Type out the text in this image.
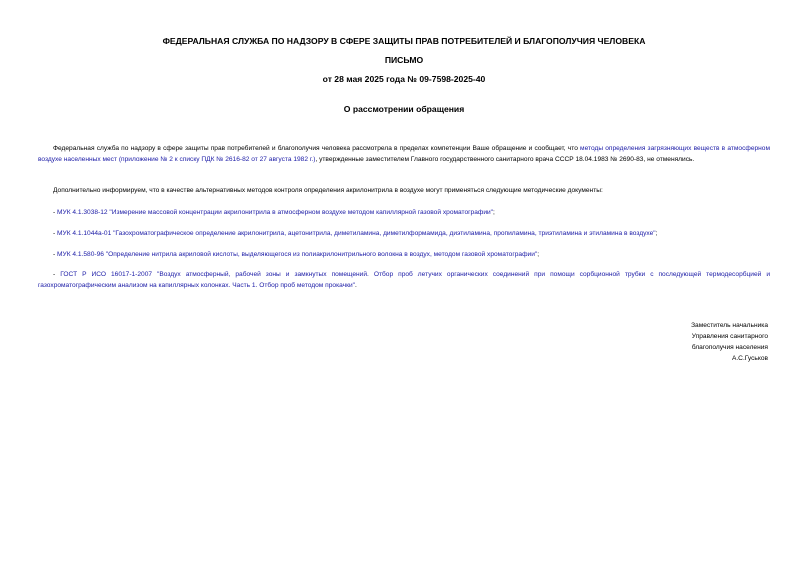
ФЕДЕРАЛЬНАЯ СЛУЖБА ПО НАДЗОРУ В СФЕРЕ ЗАЩИТЫ ПРАВ ПОТРЕБИТЕЛЕЙ И БЛАГОПОЛУЧИЯ ЧЕЛОВЕКА
ПИСЬМО
от 28 мая 2025 года № 09-7598-2025-40
О рассмотрении обращения
Федеральная служба по надзору в сфере защиты прав потребителей и благополучия человека рассмотрела в пределах компетенции Ваше обращение и сообщает, что методы определения загрязняющих веществ в атмосферном воздухе населенных мест (приложение № 2 к списку ПДК № 2616-82 от 27 августа 1982 г.), утвержденные заместителем Главного государственного санитарного врача СССР 18.04.1983 № 2690-83, не отменялись.
Дополнительно информируем, что в качестве альтернативных методов контроля определения акрилонитрила в воздухе могут применяться следующие методические документы:
- МУК 4.1.3038-12 "Измерение массовой концентрации акрилонитрила в атмосферном воздухе методом капиллярной газовой хроматографии";
- МУК 4.1.1044а-01 "Газохроматографическое определение акрилонитрила, ацетонитрила, диметиламина, диметилформамида, диэтиламина, пропиламина, триэтиламина и этиламина в воздухе";
- МУК 4.1.580-96 "Определение нитрила акриловой кислоты, выделяющегося из полиакрилонитрильного волокна в воздух, методом газовой хроматографии";
- ГОСТ Р ИСО 16017-1-2007 "Воздух атмосферный, рабочей зоны и замкнутых помещений. Отбор проб летучих органических соединений при помощи сорбционной трубки с последующей термодесорбцией и газохроматографическим анализом на капиллярных колонках. Часть 1. Отбор проб методом прокачки".
Заместитель начальника
Управления санитарного
благополучия населения
А.С.Гуськов
